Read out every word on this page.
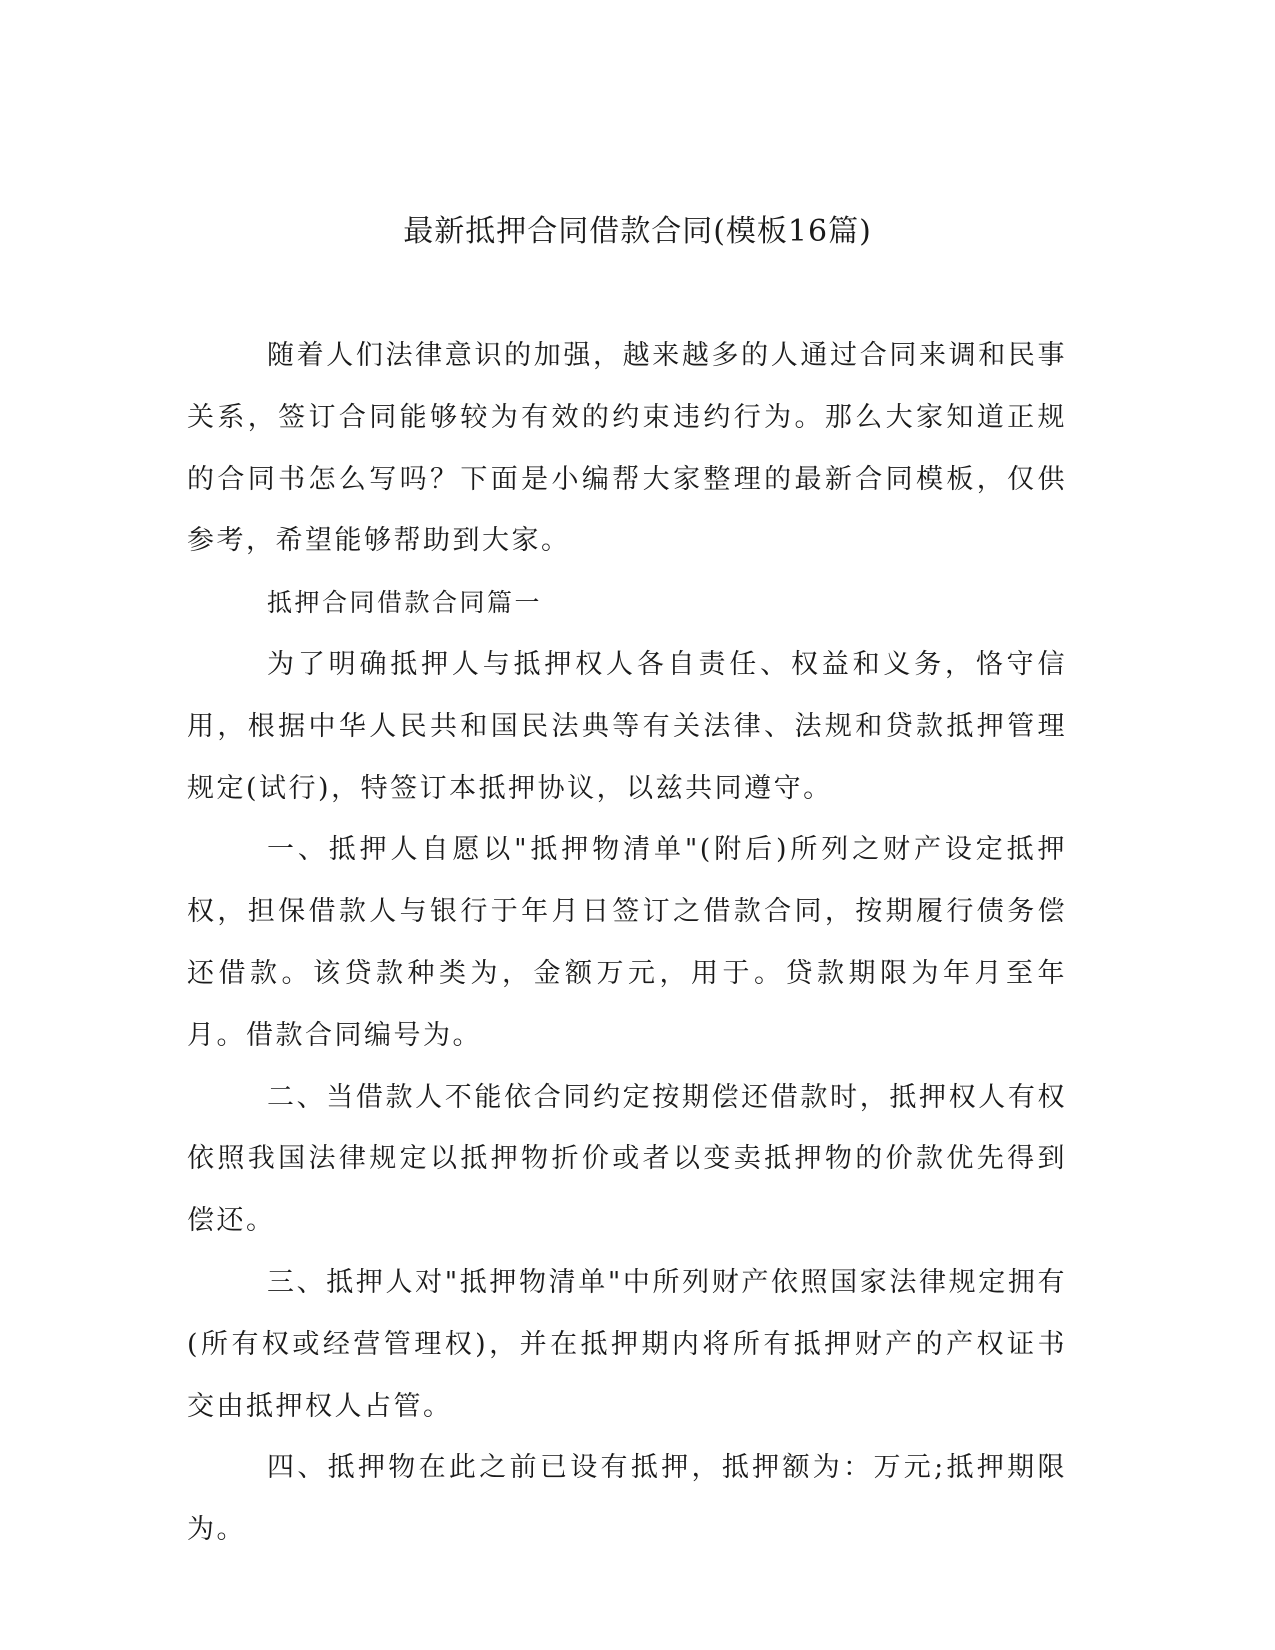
最新抵押合同借款合同(模板16篇)

随着人们法律意识的加强，越来越多的人通过合同来调和民事关系，签订合同能够较为有效的约束违约行为。那么大家知道正规的合同书怎么写吗？下面是小编帮大家整理的最新合同模板，仅供参考，希望能够帮助到大家。

抵押合同借款合同篇一

为了明确抵押人与抵押权人各自责任、权益和义务，恪守信用，根据中华人民共和国民法典等有关法律、法规和贷款抵押管理规定(试行)，特签订本抵押协议，以兹共同遵守。

一、抵押人自愿以"抵押物清单"(附后)所列之财产设定抵押权，担保借款人与银行于年月日签订之借款合同，按期履行债务偿还借款。该贷款种类为，金额万元，用于。贷款期限为年月至年月。借款合同编号为。

二、当借款人不能依合同约定按期偿还借款时，抵押权人有权依照我国法律规定以抵押物折价或者以变卖抵押物的价款优先得到偿还。

三、抵押人对"抵押物清单"中所列财产依照国家法律规定拥有(所有权或经营管理权)，并在抵押期内将所有抵押财产的产权证书交由抵押权人占管。

四、抵押物在此之前已设有抵押，抵押额为：万元;抵押期限为。
